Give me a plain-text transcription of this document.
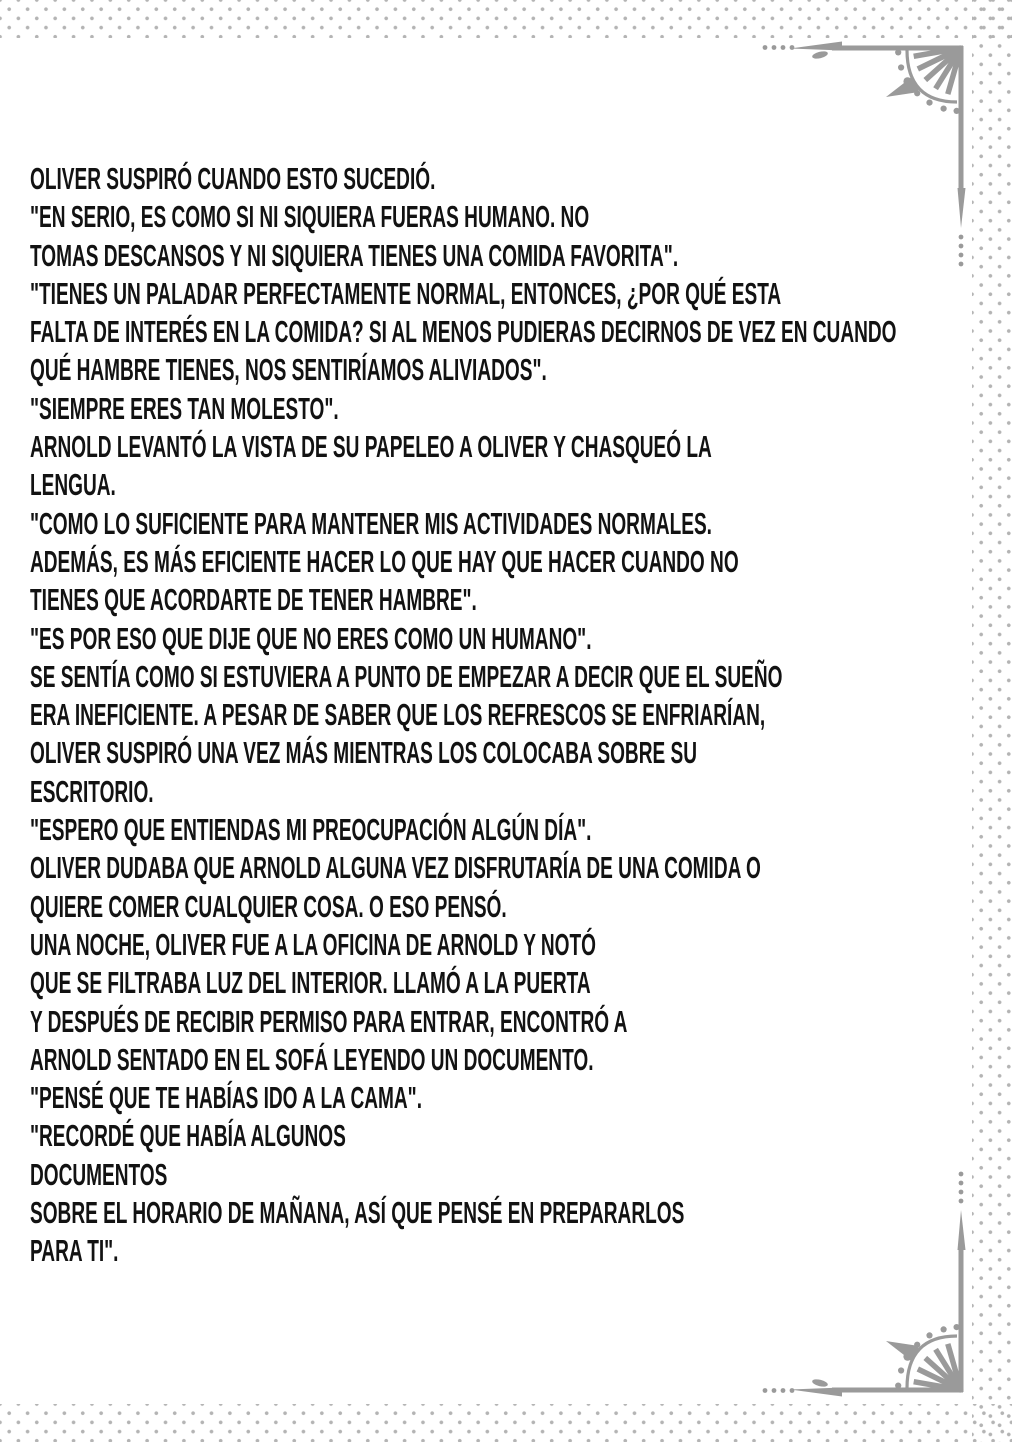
OLIVER SUSPIRÓ CUANDO ESTO SUCEDIÓ.
"EN SERIO, ES COMO SI NI SIQUIERA FUERAS HUMANO. NO
TOMAS DESCANSOS Y NI SIQUIERA TIENES UNA COMIDA FAVORITA".
"TIENES UN PALADAR PERFECTAMENTE NORMAL, ENTONCES, ¿POR QUÉ ESTA
FALTA DE INTERÉS EN LA COMIDA? SI AL MENOS PUDIERAS DECIRNOS DE VEZ EN CUANDO
QUÉ HAMBRE TIENES, NOS SENTIRÍAMOS ALIVIADOS".
"SIEMPRE ERES TAN MOLESTO".
ARNOLD LEVANTÓ LA VISTA DE SU PAPELEO A OLIVER Y CHASQUEÓ LA
LENGUA.
"COMO LO SUFICIENTE PARA MANTENER MIS ACTIVIDADES NORMALES.
ADEMÁS, ES MÁS EFICIENTE HACER LO QUE HAY QUE HACER CUANDO NO
TIENES QUE ACORDARTE DE TENER HAMBRE".
"ES POR ESO QUE DIJE QUE NO ERES COMO UN HUMANO".
SE SENTÍA COMO SI ESTUVIERA A PUNTO DE EMPEZAR A DECIR QUE EL SUEÑO
ERA INEFICIENTE. A PESAR DE SABER QUE LOS REFRESCOS SE ENFRIARÍAN,
OLIVER SUSPIRÓ UNA VEZ MÁS MIENTRAS LOS COLOCABA SOBRE SU
ESCRITORIO.
"ESPERO QUE ENTIENDAS MI PREOCUPACIÓN ALGÚN DÍA".
OLIVER DUDABA QUE ARNOLD ALGUNA VEZ DISFRUTARÍA DE UNA COMIDA O
QUIERE COMER CUALQUIER COSA. O ESO PENSÓ.
UNA NOCHE, OLIVER FUE A LA OFICINA DE ARNOLD Y NOTÓ
QUE SE FILTRABA LUZ DEL INTERIOR. LLAMÓ A LA PUERTA
Y DESPUÉS DE RECIBIR PERMISO PARA ENTRAR, ENCONTRÓ A
ARNOLD SENTADO EN EL SOFÁ LEYENDO UN DOCUMENTO.
"PENSÉ QUE TE HABÍAS IDO A LA CAMA".
"RECORDÉ QUE HABÍA ALGUNOS
DOCUMENTOS
SOBRE EL HORARIO DE MAÑANA, ASÍ QUE PENSÉ EN PREPARARLOS
PARA TI".
